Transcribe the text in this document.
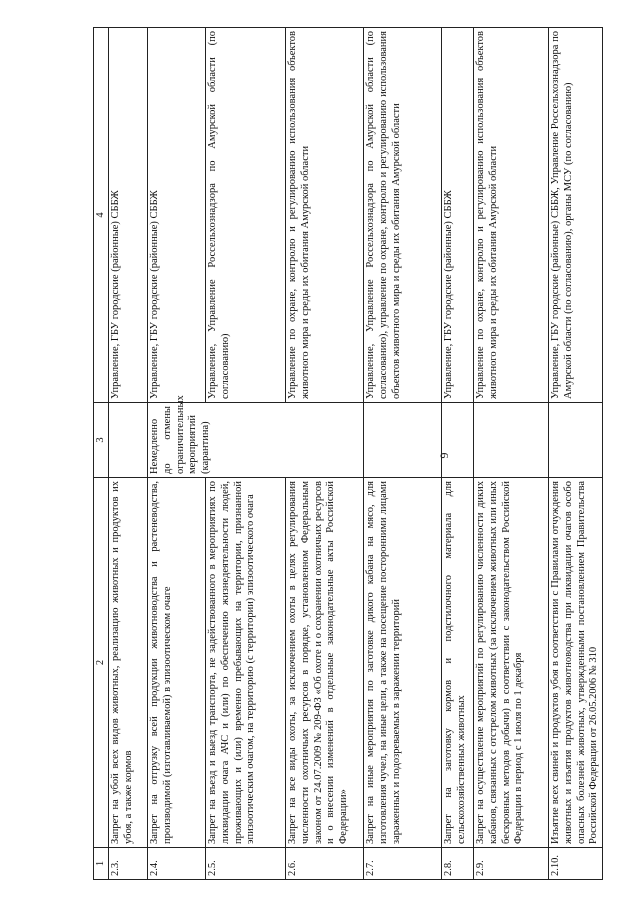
6
1	2	3	4
2.3.	Запрет на убой всех видов животных, реализацию животных и продуктов их убоя, а также кормов		Управление, ГБУ городские (районные) СББЖ
2.4.	Запрет на отгрузку всей продукции животноводства и растеневодства, производимой (изготавливаемой) в эпизоотическом очаге	Немедленно до отмены ограничительных мероприятий (карантина)	Управление, ГБУ городские (районные) СББЖ
2.5.	Запрет на въезд и выезд транспорта, не задействованного в мероприятиях по ликвидации очага АЧС и (или) по обеспечению жизнедеятельности людей, проживающих и (или) временно пребывающих на территории, признанной эпизоотическим очагом, на территорию (с территории) эпизоотического очага		Управление, Управление Россельхознадзора по Амурской области (по согласованию)
2.6.	Запрет на все виды охоты, за исключением охоты в целях регулирования численности охотничьих ресурсов в порядке, установленном Федеральным законом от 24.07.2009 № 209-ФЗ «Об охоте и о сохранении охотничьих ресурсов и о внесении изменений в отдельные законодательные акты Российской Федерации»		Управление по охране, контролю и регулированию использования объектов животного мира и среды их обитания Амурской области
2.7.	Запрет на иные мероприятия по заготовке дикого кабана на мясо, для изготовления чучел, на иные цели, а также на посещение посторонними лицами зараженных и подозреваемых в заражении территорий		Управление, Управление Россельхознадзора по Амурской области (по согласованию), управление по охране, контролю и регулированию использования объектов животного мира и среды их обитания Амурской области
2.8.	Запрет на заготовку кормов и подстилочного материала для сельскохозяйственных животных		Управление, ГБУ городские (районные) СББЖ
2.9.	Запрет на осуществление мероприятий по регулированию численности диких кабанов, связанных с отстрелом животных (за исключением животных или иных бескровных методов добычи) в соответствии с законодательством Российской Федерации в период с 1 июля по 1 декабря		Управление по охране, контролю и регулированию использования объектов животного мира и среды их обитания Амурской области
2.10.	Изъятие всех свиней и продуктов убоя в соответствии с Правилами отчуждения животных и изъятия продуктов животноводства при ликвидации очагов особо опасных болезней животных, утвержденными постановлением Правительства Российской Федерации от 26.05.2006 № 310		Управление, ГБУ городские (районные) СББЖ, Управление Россельхознадзора по Амурской области (по согласованию), органы МСУ (по согласованию)
